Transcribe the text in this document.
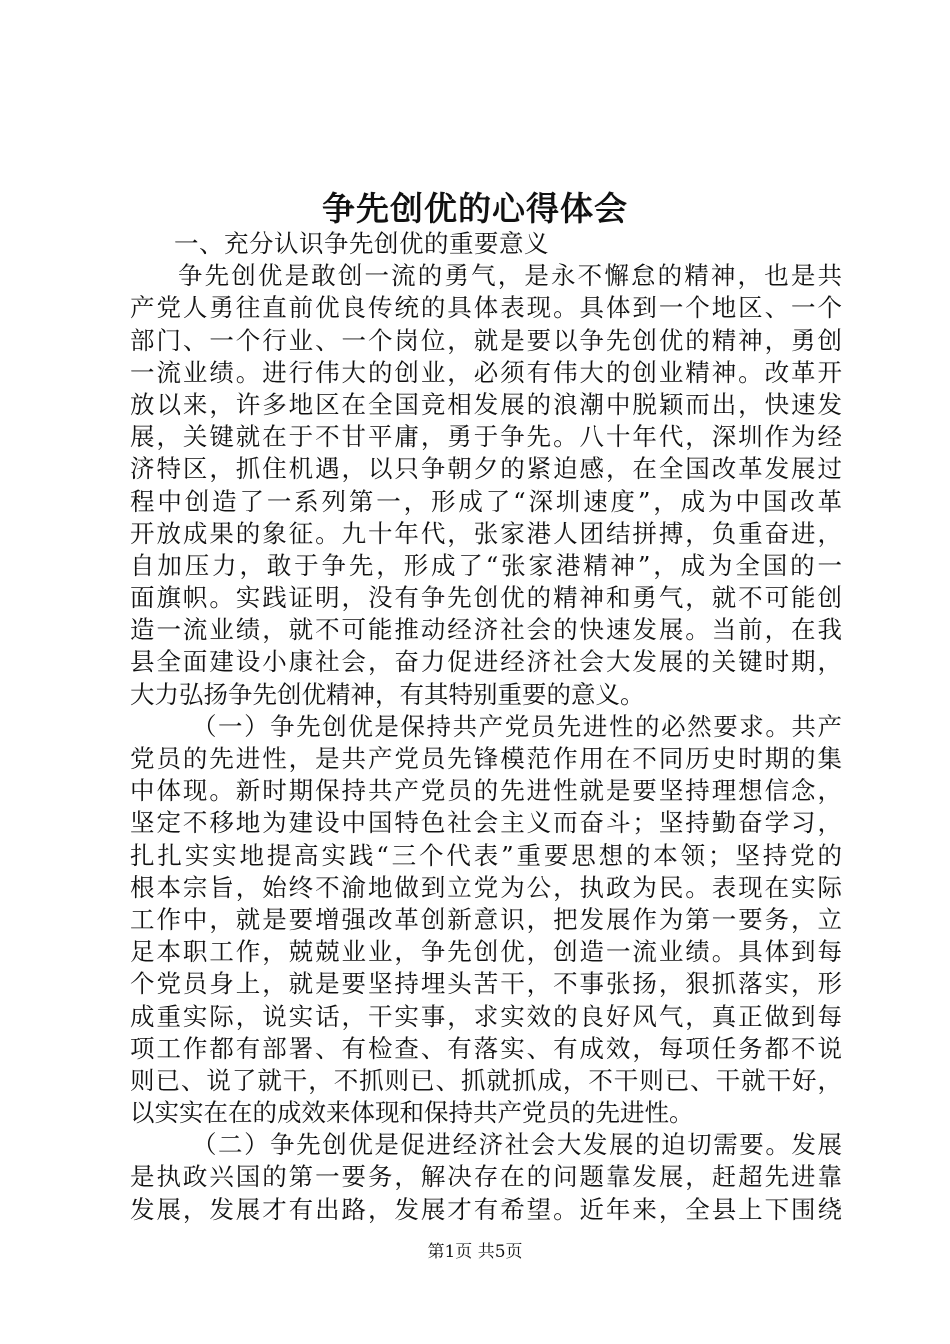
争先创优的心得体会
一、充分认识争先创优的重要意义
争先创优是敢创一流的勇气，是永不懈怠的精神，也是共
产党人勇往直前优良传统的具体表现。具体到一个地区、一个
部门、一个行业、一个岗位，就是要以争先创优的精神，勇创
一流业绩。进行伟大的创业，必须有伟大的创业精神。改革开
放以来，许多地区在全国竞相发展的浪潮中脱颖而出，快速发
展，关键就在于不甘平庸，勇于争先。八十年代，深圳作为经
济特区，抓住机遇，以只争朝夕的紧迫感，在全国改革发展过
程中创造了一系列第一，形成了“深圳速度”，成为中国改革
开放成果的象征。九十年代，张家港人团结拼搏，负重奋进，
自加压力，敢于争先，形成了“张家港精神”，成为全国的一
面旗帜。实践证明，没有争先创优的精神和勇气，就不可能创
造一流业绩，就不可能推动经济社会的快速发展。当前，在我
县全面建设小康社会，奋力促进经济社会大发展的关键时期，
大力弘扬争先创优精神，有其特别重要的意义。
（一）争先创优是保持共产党员先进性的必然要求。共产
党员的先进性，是共产党员先锋模范作用在不同历史时期的集
中体现。新时期保持共产党员的先进性就是要坚持理想信念，
坚定不移地为建设中国特色社会主义而奋斗；坚持勤奋学习，
扎扎实实地提高实践“三个代表”重要思想的本领；坚持党的
根本宗旨，始终不渝地做到立党为公，执政为民。表现在实际
工作中，就是要增强改革创新意识，把发展作为第一要务，立
足本职工作，兢兢业业，争先创优，创造一流业绩。具体到每
个党员身上，就是要坚持埋头苦干，不事张扬，狠抓落实，形
成重实际，说实话，干实事，求实效的良好风气，真正做到每
项工作都有部署、有检查、有落实、有成效，每项任务都不说
则已、说了就干，不抓则已、抓就抓成，不干则已、干就干好，
以实实在在的成效来体现和保持共产党员的先进性。
（二）争先创优是促进经济社会大发展的迫切需要。发展
是执政兴国的第一要务，解决存在的问题靠发展，赶超先进靠
发展，发展才有出路，发展才有希望。近年来，全县上下围绕

第1页 共5页
